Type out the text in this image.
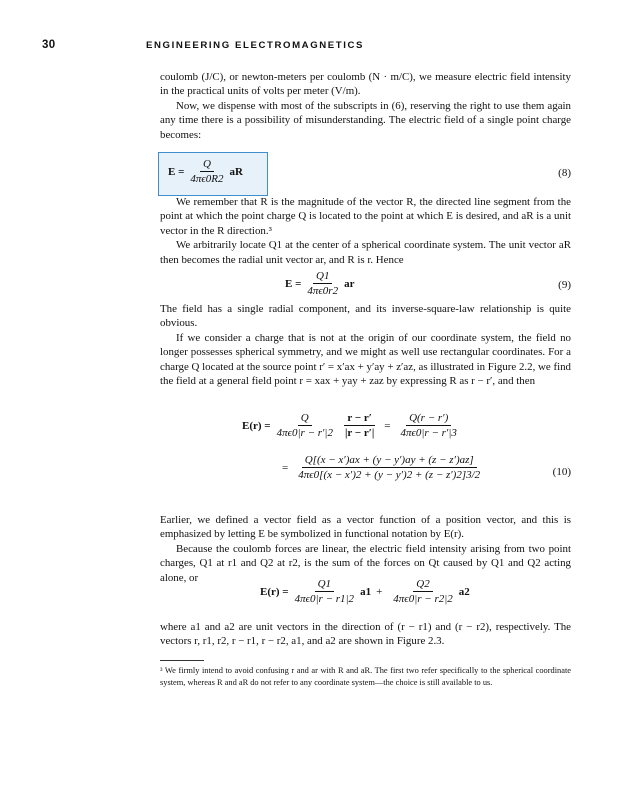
30	ENGINEERING ELECTROMAGNETICS

coulomb (J/C), or newton-meters per coulomb (N · m/C), we measure electric field intensity in the practical units of volts per meter (V/m).

Now, we dispense with most of the subscripts in (6), reserving the right to use them again any time there is a possibility of misunderstanding. The electric field of a single point charge becomes:

$E = \frac{Q}{4\pi\epsilon 0R2}$ aR	(8)

We remember that R is the magnitude of the vector R, the directed line segment from the point at which the point charge Q is located to the point at which E is desired, and aR is a unit vector in the R direction.³

We arbitrarily locate Q1 at the center of a spherical coordinate system. The unit vector aR then becomes the radial unit vector ar, and R is r. Hence

$E = \frac{Q1}{4\pi\epsilon 0r2}$ ar	(9)

The field has a single radial component, and its inverse-square-law relationship is quite obvious.

If we consider a charge that is not at the origin of our coordinate system, the field no longer possesses spherical symmetry, and we might as well use rectangular coordinates. For a charge Q located at the source point r′ = x′ax + y′ay + z′az, as illustrated in Figure 2.2, we find the field at a general field point r = xax + yay + zaz by expressing R as r − r′, and then

$E(r) = \frac{Q}{4\pi\epsilon 0|r - r'|2} \frac{r - r'}{|r - r'|} = \frac{Q(r - r')}{4\pi\epsilon 0|r - r'|3}$
= $\frac{Q[(x - x')ax + (y - y')ay + (z - z')az]}{4\pi\epsilon 0[(x - x')2 + (y - y')2 + (z - z')2]3/2}$	(10)

Earlier, we defined a vector field as a vector function of a position vector, and this is emphasized by letting E be symbolized in functional notation by E(r).

Because the coulomb forces are linear, the electric field intensity arising from two point charges, Q1 at r1 and Q2 at r2, is the sum of the forces on Qt caused by Q1 and Q2 acting alone, or

$E(r) = \frac{Q1}{4\pi\epsilon 0|r - r1|2} a1 + \frac{Q2}{4\pi\epsilon 0|r - r2|2} a2$

where a1 and a2 are unit vectors in the direction of (r − r1) and (r − r2), respectively. The vectors r, r1, r2, r − r1, r − r2, a1, and a2 are shown in Figure 2.3.

³ We firmly intend to avoid confusing r and ar with R and aR. The first two refer specifically to the spherical coordinate system, whereas R and aR do not refer to any coordinate system—the choice is still available to us.
